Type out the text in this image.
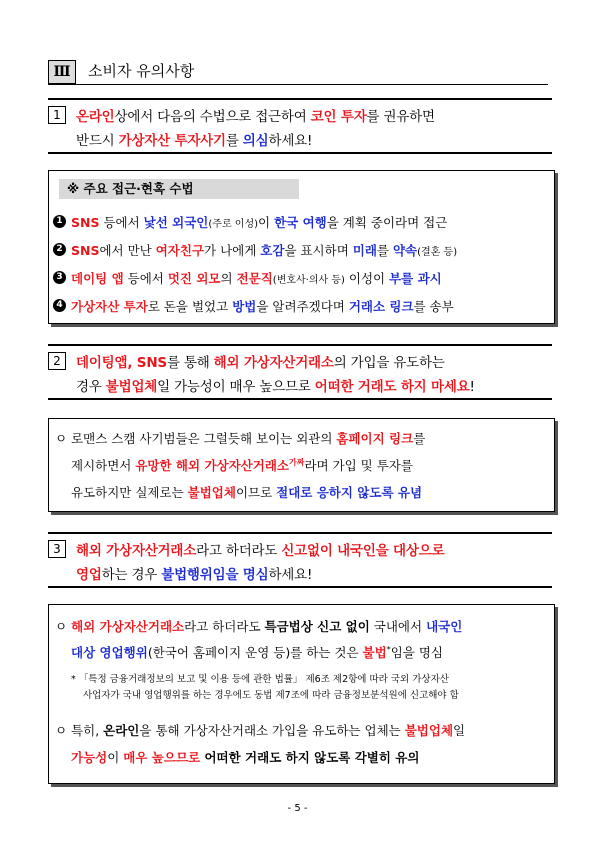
Ⅲ	소비자 유의사항
1	온라인상에서 다음의 수법으로 접근하여 코인 투자를 권유하면
반드시 가상자산 투자사기를 의심하세요!
※ 주요 접근·현혹 수법
1 SNS 등에서 낯선 외국인(주로 이성)이 한국 여행을 계획 중이라며 접근
2 SNS에서 만난 여자친구가 나에게 호감을 표시하며 미래를 약속(결혼 등)
3 데이팅 앱 등에서 멋진 외모의 전문직(변호사·의사 등) 이성이 부를 과시
4 가상자산 투자로 돈을 벌었고 방법을 알려주겠다며 거래소 링크를 송부
2	데이팅앱, SNS를 통해 해외 가상자산거래소의 가입을 유도하는
경우 불법업체일 가능성이 매우 높으므로 어떠한 거래도 하지 마세요!
ㅇ 로맨스 스캠 사기범들은 그럴듯해 보이는 외관의 홈페이지 링크를
제시하면서 유망한 해외 가상자산거래소$^{가짜}$라며 가입 및 투자를
유도하지만 실제로는 불법업체이므로 절대로 응하지 않도록 유념
3	해외 가상자산거래소라고 하더라도 신고없이 내국인을 대상으로
영업하는 경우 불법행위임을 명심하세요!
ㅇ 해외 가상자산거래소라고 하더라도 특금법상 신고 없이 국내에서 내국인
대상 영업행위(한국어 홈페이지 운영 등)를 하는 것은 불법*임을 명심
* 「특정 금융거래정보의 보고 및 이용 등에 관한 법률」 제6조 제2항에 따라 국외 가상자산
사업자가 국내 영업행위를 하는 경우에도 동법 제7조에 따라 금융정보분석원에 신고해야 함
ㅇ 특히, 온라인을 통해 가상자산거래소 가입을 유도하는 업체는 불법업체일
가능성이 매우 높으므로 어떠한 거래도 하지 않도록 각별히 유의
- 5 -
